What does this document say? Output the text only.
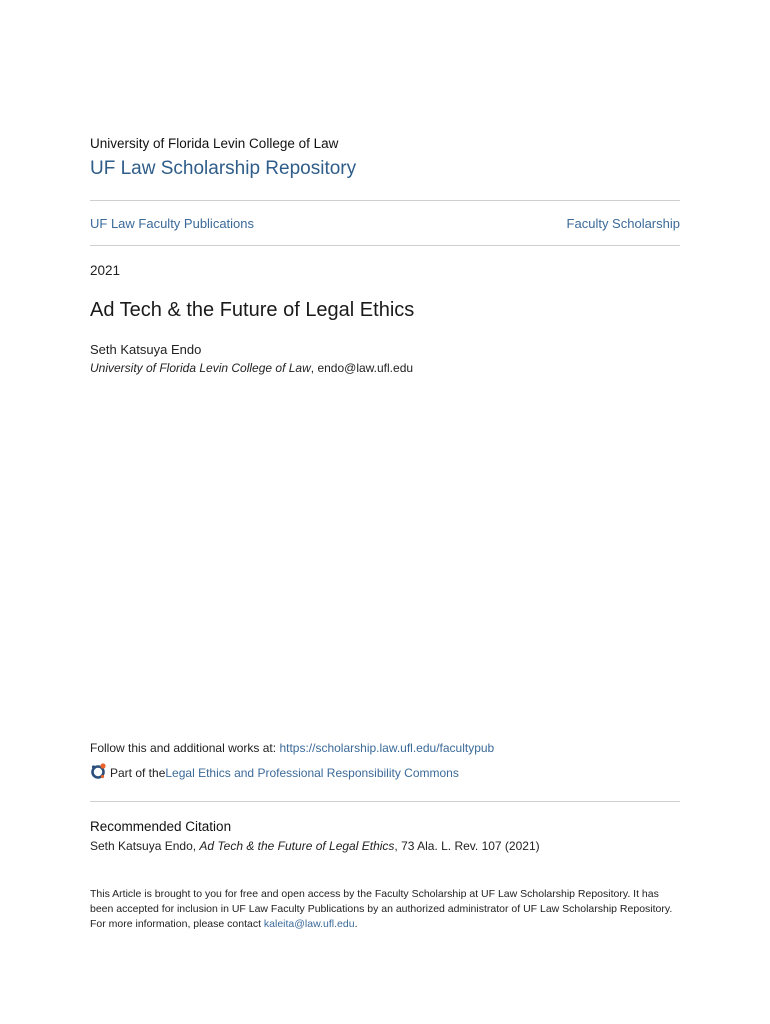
University of Florida Levin College of Law
UF Law Scholarship Repository
UF Law Faculty Publications	Faculty Scholarship
2021
Ad Tech & the Future of Legal Ethics
Seth Katsuya Endo
University of Florida Levin College of Law, endo@law.ufl.edu
Follow this and additional works at: https://scholarship.law.ufl.edu/facultypub
Part of the Legal Ethics and Professional Responsibility Commons
Recommended Citation
Seth Katsuya Endo, Ad Tech & the Future of Legal Ethics, 73 Ala. L. Rev. 107 (2021)

This Article is brought to you for free and open access by the Faculty Scholarship at UF Law Scholarship Repository. It has been accepted for inclusion in UF Law Faculty Publications by an authorized administrator of UF Law Scholarship Repository. For more information, please contact kaleita@law.ufl.edu.
